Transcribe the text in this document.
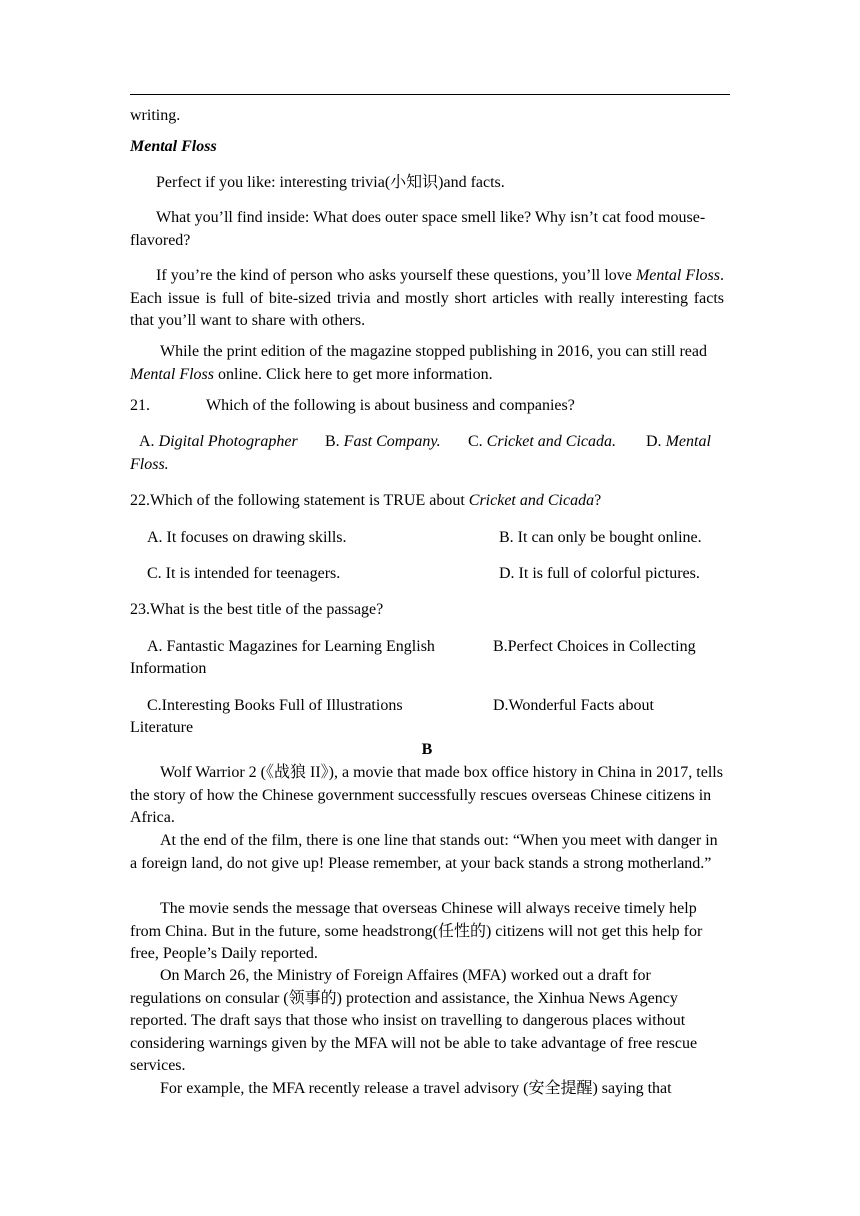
writing.
Mental Floss
Perfect if you like: interesting trivia(小知识)and facts.
What you’ll find inside: What does outer space smell like? Why isn’t cat food mouse-flavored?
If you’re the kind of person who asks yourself these questions, you’ll love Mental Floss. Each issue is full of bite-sized trivia and mostly short articles with really interesting facts that you’ll want to share with others.
While the print edition of the magazine stopped publishing in 2016, you can still read Mental Floss online. Click here to get more information.
21.	Which of the following is about business and companies?
A. Digital Photographer B. Fast Company. C. Cricket and Cicada. D. Mental
Floss.
22.Which of the following statement is TRUE about Cricket and Cicada?
A. It focuses on drawing skills.	B. It can only be bought online.
C. It is intended for teenagers.	D. It is full of colorful pictures.
23.What is the best title of the passage?
A. Fantastic Magazines for Learning English	B.Perfect Choices in Collecting
Information
C.Interesting Books Full of Illustrations	D.Wonderful Facts about
Literature
B
Wolf Warrior 2 (《战狼 II》), a movie that made box office history in China in 2017, tells the story of how the Chinese government successfully rescues overseas Chinese citizens in Africa.
At the end of the film, there is one line that stands out: “When you meet with danger in a foreign land, do not give up! Please remember, at your back stands a strong motherland.”
The movie sends the message that overseas Chinese will always receive timely help from China. But in the future, some headstrong(任性的) citizens will not get this help for free, People’s Daily reported.
On March 26, the Ministry of Foreign Affaires (MFA) worked out a draft for regulations on consular (领事的) protection and assistance, the Xinhua News Agency reported. The draft says that those who insist on travelling to dangerous places without considering warnings given by the MFA will not be able to take advantage of free rescue services.
For example, the MFA recently release a travel advisory (安全提醒) saying that
